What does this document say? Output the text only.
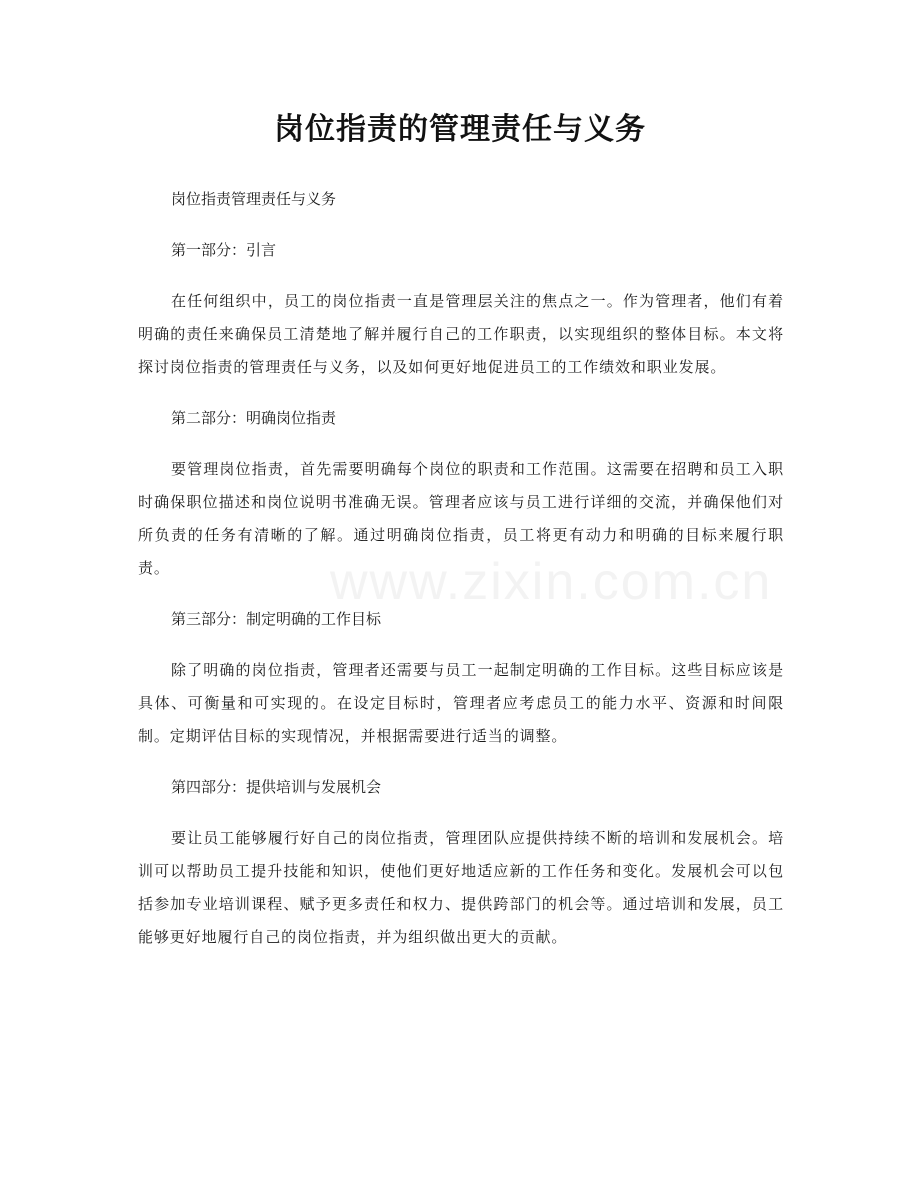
岗位指责的管理责任与义务
www.zixin.com.cn

岗位指责管理责任与义务

第一部分：引言

在任何组织中，员工的岗位指责一直是管理层关注的焦点之一。作为管理者，他们有着明确的责任来确保员工清楚地了解并履行自己的工作职责，以实现组织的整体目标。本文将探讨岗位指责的管理责任与义务，以及如何更好地促进员工的工作绩效和职业发展。

第二部分：明确岗位指责

要管理岗位指责，首先需要明确每个岗位的职责和工作范围。这需要在招聘和员工入职时确保职位描述和岗位说明书准确无误。管理者应该与员工进行详细的交流，并确保他们对所负责的任务有清晰的了解。通过明确岗位指责，员工将更有动力和明确的目标来履行职责。

第三部分：制定明确的工作目标

除了明确的岗位指责，管理者还需要与员工一起制定明确的工作目标。这些目标应该是具体、可衡量和可实现的。在设定目标时，管理者应考虑员工的能力水平、资源和时间限制。定期评估目标的实现情况，并根据需要进行适当的调整。

第四部分：提供培训与发展机会

要让员工能够履行好自己的岗位指责，管理团队应提供持续不断的培训和发展机会。培训可以帮助员工提升技能和知识，使他们更好地适应新的工作任务和变化。发展机会可以包括参加专业培训课程、赋予更多责任和权力、提供跨部门的机会等。通过培训和发展，员工能够更好地履行自己的岗位指责，并为组织做出更大的贡献。
